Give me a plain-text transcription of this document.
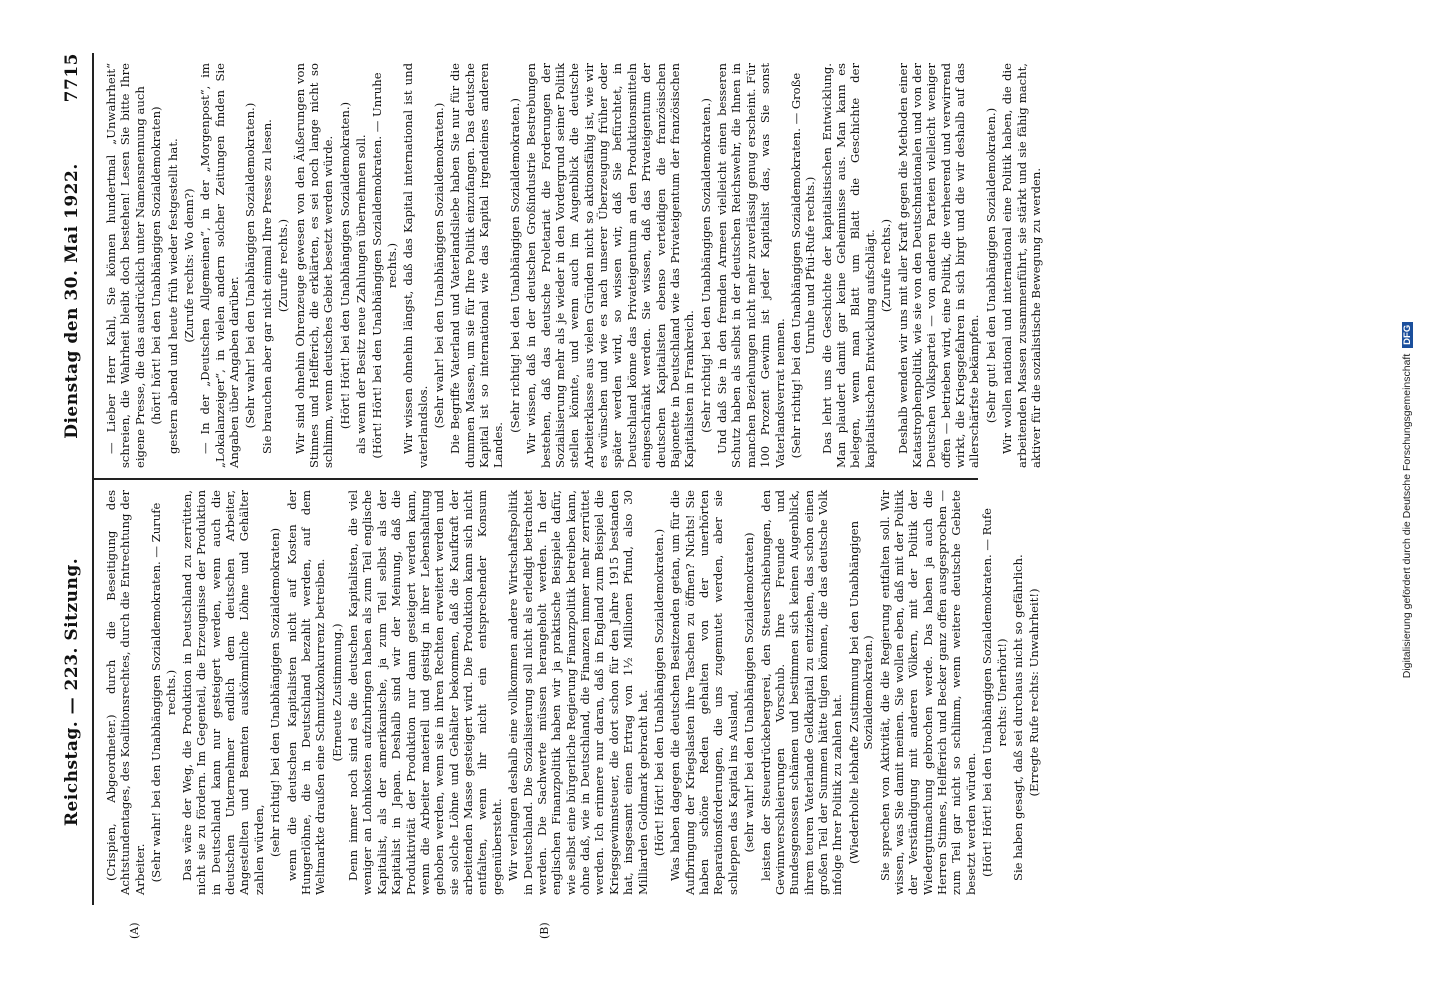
Reichstag. — 223. Sitzung.
Dienstag den 30. Mai 1922.
7715
(A)	(B)

(Crispien, Abgeordneter.) durch die Beseitigung des Achtstundentages, des Koalitionsrechtes, durch die Entrechtung der Arbeiter. (Sehr wahr! bei den Unabhängigen Sozialdemokraten. — Zurufe rechts.) Das wäre der Weg, die Produktion in Deutschland zu zerrütten, nicht sie zu fördern. Im Gegenteil, die Erzeugnisse der Produktion in Deutschland kann nur gesteigert werden, wenn auch die deutschen Unternehmer endlich dem deutschen Arbeiter, Angestellten und Beamten auskömmliche Löhne und Gehälter zahlen würden, (sehr richtig! bei den Unabhängigen Sozialdemokraten) wenn die deutschen Kapitalisten nicht auf Kosten der Hungerlöhne, die in Deutschland bezahlt werden, auf dem Weltmarkte draußen eine Schmutzkonkurrenz betreiben. (Erneute Zustimmung.) Denn immer noch sind es die deutschen Kapitalisten, die viel weniger an Lohnkosten aufzubringen haben als zum Teil englische Kapitalist, als der amerikanische, ja zum Teil selbst als der Kapitalist in Japan. Deshalb sind wir der Meinung, daß die Produktivität der Produktion nur dann gesteigert werden kann, wenn die Arbeiter materiell und geistig in ihrer Lebenshaltung gehoben werden, wenn sie in ihren Rechten erweitert werden und sie solche Löhne und Gehälter bekommen, daß die Kaufkraft der arbeitenden Masse gesteigert wird. Die Produktion kann sich nicht entfalten, wenn ihr nicht ein entsprechender Konsum gegenübersteht. Wir verlangen deshalb eine vollkommen andere Wirtschaftspolitik in Deutschland. Die Sozialisierung soll nicht als erledigt betrachtet werden. Die Sachwerte müssen herangeholt werden. In der englischen Finanzpolitik haben wir ja praktische Beispiele dafür, wie selbst eine bürgerliche Regierung Finanzpolitik betreiben kann, ohne daß, wie in Deutschland, die Finanzen immer mehr zerrüttet werden. Ich erinnere nur daran, daß in England zum Beispiel die Kriegsgewinnsteuer, die dort schon für den Jahre 1915 bestanden hat, insgesamt einen Ertrag von 1½ Millionen Pfund, also 30 Milliarden Goldmark gebracht hat. (Hört! Hört! bei den Unabhängigen Sozialdemokraten.) Was haben dagegen die deutschen Besitzenden getan, um für die Aufbringung der Kriegslasten ihre Taschen zu öffnen? Nichts! Sie haben schöne Reden gehalten von der unerhörten Reparationsforderungen, die uns zugemutet werden, aber sie schleppen das Kapital ins Ausland, (sehr wahr! bei den Unabhängigen Sozialdemokraten) leisten der Steuerdrückebergerei, den Steuerschiebungen, den Gewinnverschleierungen Vorschub. Ihre Freunde und Bundesgenossen schämen und bestimmen sich keinen Augenblick, ihrem teuren Vaterlande Geldkapital zu entziehen, das schon einen großen Teil der Summen hätte tilgen können, die das deutsche Volk infolge Ihrer Politik zu zahlen hat. (Wiederholte lebhafte Zustimmung bei den Unabhängigen Sozialdemokraten.) Sie sprechen von Aktivität, die die Regierung entfalten soll. Wir wissen, was Sie damit meinen. Sie wollen eben, daß mit der Politik der Verständigung mit anderen Völkern, mit der Politik der Wiedergutmachung gebrochen werde. Das haben ja auch die Herren Stinnes, Helfferich und Becker ganz offen ausgesprochen — zum Teil gar nicht so schlimm, wenn weitere deutsche Gebiete besetzt werden würden. (Hört! Hört! bei den Unabhängigen Sozialdemokraten. — Rufe rechts: Unerhört!) Sie haben gesagt, daß sei durchaus nicht so gefährlich. (Erregte Rufe rechts: Unwahrheit!)

— Lieber Herr Kahl, Sie können hundertmal „Unwahrheit“ schreien, die Wahrheit bleibt doch bestehen! Lesen Sie bitte Ihre eigene Presse, die das ausdrücklich unter Namensnennung auch (hört! hört! bei den Unabhängigen Sozialdemokraten) gestern abend und heute früh wieder festgestellt hat. (Zurufe rechts: Wo denn?) — In der „Deutschen Allgemeinen“, in der „Morgenpost“, im „Lokalanzeiger“, in vielen andern solcher Zeitungen finden Sie Angaben über Angaben darüber. (Sehr wahr! bei den Unabhängigen Sozialdemokraten.) Sie brauchen aber gar nicht einmal Ihre Presse zu lesen. (Zurufe rechts.) Wir sind ohnehin Ohrenzeuge gewesen von den Äußerungen von Stinnes und Helfferich, die erklärten, es sei noch lange nicht so schlimm, wenn deutsches Gebiet besetzt werden würde. (Hört! Hört! bei den Unabhängigen Sozialdemokraten.) als wenn der Besitz neue Zahlungen übernehmen soll. (Hört! Hört! bei den Unabhängigen Sozialdemokraten. — Unruhe rechts.) Wir wissen ohnehin längst, daß das Kapital international ist und vaterlandslos. (Sehr wahr! bei den Unabhängigen Sozialdemokraten.) Die Begriffe Vaterland und Vaterlandsliebe haben Sie nur für die dummen Massen, um sie für Ihre Politik einzufangen. Das deutsche Kapital ist so international wie das Kapital irgendeines anderen Landes.

(Sehr richtig! bei den Unabhängigen Sozialdemokraten.) Wir wissen, daß in der deutschen Großindustrie Bestrebungen bestehen, daß das deutsche Proletariat die Forderungen der Sozialisierung mehr als je wieder in den Vordergrund seiner Politik stellen könnte, und wenn auch im Augenblick die deutsche Arbeiterklasse aus vielen Gründen nicht so aktionsfähig ist, wie wir es wünschen und wie es nach unserer Überzeugung früher oder später werden wird, so wissen wir, daß Sie befürchtet, in Deutschland könne das Privateigentum an den Produktionsmitteln eingeschränkt werden. Sie wissen, daß das Privateigentum der deutschen Kapitalisten ebenso verteidigen die französischen Bajonette in Deutschland wie das Privateigentum der französischen Kapitalisten in Frankreich. (Sehr richtig! bei den Unabhängigen Sozialdemokraten.) Und daß Sie in den fremden Armeen vielleicht einen besseren Schutz haben als selbst in der deutschen Reichswehr, die Ihnen in manchen Beziehungen nicht mehr zuverlässig genug erscheint. Für 100 Prozent Gewinn ist jeder Kapitalist das, was Sie sonst Vaterlandsverrat nennen. (Sehr richtig! bei den Unabhängigen Sozialdemokraten. — Große Unruhe und Pfui-Rufe rechts.) Das lehrt uns die Geschichte der kapitalistischen Entwicklung. Man plaudert damit gar keine Geheimnisse aus. Man kann es belegen, wenn man Blatt um Blatt die Geschichte der kapitalistischen Entwicklung aufschlägt. (Zurufe rechts.) Deshalb wenden wir uns mit aller Kraft gegen die Methoden einer Katastrophenpolitik, wie sie von den Deutschnationalen und von der Deutschen Volkspartei — von anderen Parteien vielleicht weniger offen — betrieben wird, eine Politik, die verheerend und verwirrend wirkt, die Kriegsgefahren in sich birgt und die wir deshalb auf das allerschärfste bekämpfen. (Sehr gut! bei den Unabhängigen Sozialdemokraten.) Wir wollen national und international eine Politik haben, die die arbeitenden Massen zusammenführt, sie stärkt und sie fähig macht, aktiver für die sozialistische Bewegung zu werden.

Digitalisierung gefördert durch die Deutsche Forschungsgemeinschaft DFG
